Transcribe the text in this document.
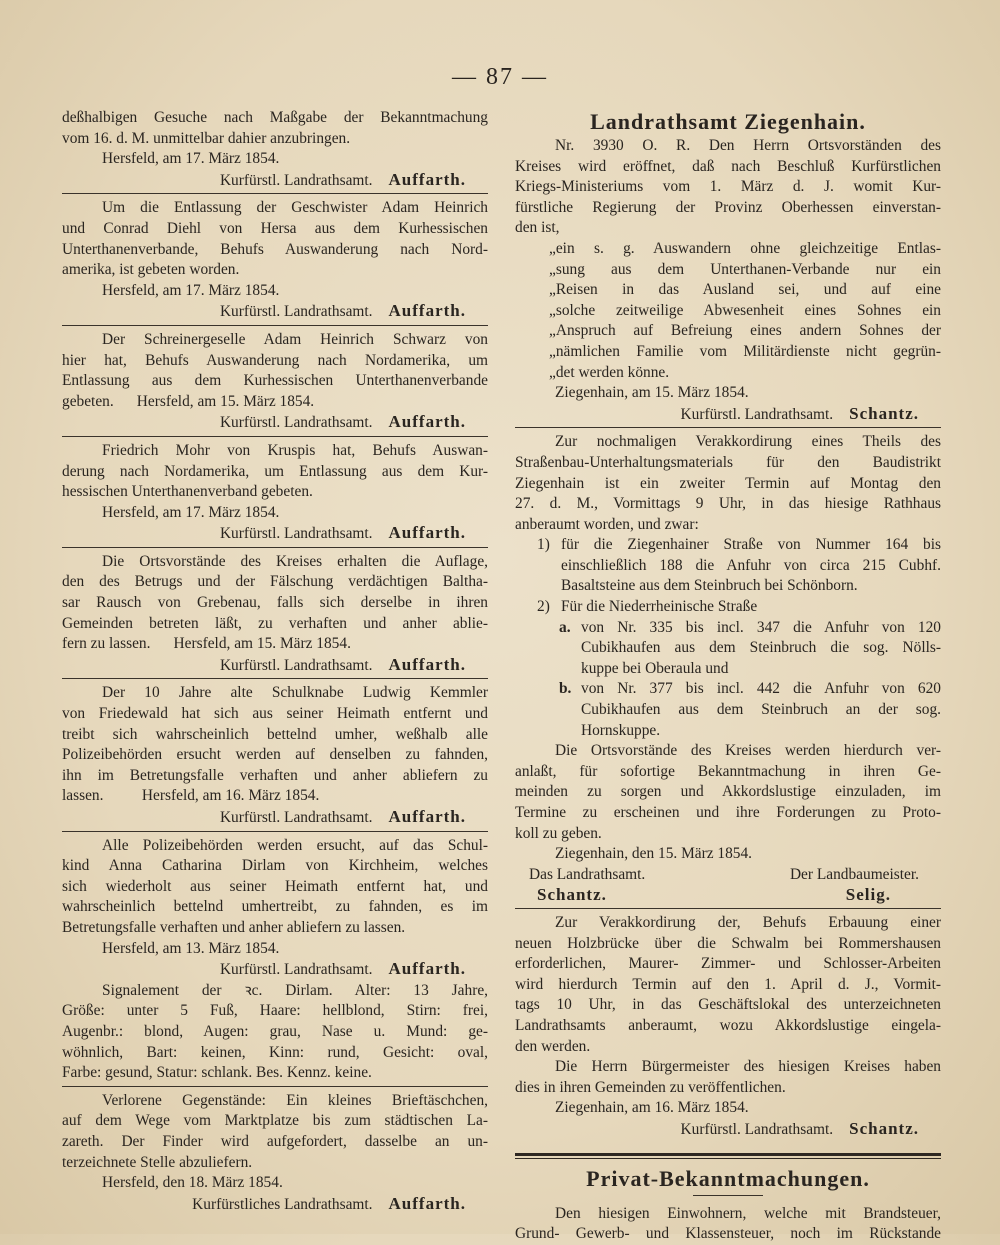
— 87 —
deßhalbigen Gesuche nach Maßgabe der Bekanntmachung
vom 16. d. M. unmittelbar dahier anzubringen.
Hersfeld, am 17. März 1854.
Kurfürstl. Landrathsamt. Auffarth.
Um die Entlassung der Geschwister Adam Heinrich
und Conrad Diehl von Hersa aus dem Kurhessischen
Unterthanenverbande, Behufs Auswanderung nach Nord-
amerika, ist gebeten worden.
Hersfeld, am 17. März 1854.
Kurfürstl. Landrathsamt. Auffarth.
Der Schreinergeselle Adam Heinrich Schwarz von
hier hat, Behufs Auswanderung nach Nordamerika, um
Entlassung aus dem Kurhessischen Unterthanenverbande
gebeten.      Hersfeld, am 15. März 1854.
Kurfürstl. Landrathsamt. Auffarth.
Friedrich Mohr von Kruspis hat, Behufs Auswan-
derung nach Nordamerika, um Entlassung aus dem Kur-
hessischen Unterthanenverband gebeten.
Hersfeld, am 17. März 1854.
Kurfürstl. Landrathsamt. Auffarth.
Die Ortsvorstände des Kreises erhalten die Auflage,
den des Betrugs und der Fälschung verdächtigen Baltha-
sar Rausch von Grebenau, falls sich derselbe in ihren
Gemeinden betreten läßt, zu verhaften und anher ablie-
fern zu lassen.      Hersfeld, am 15. März 1854.
Kurfürstl. Landrathsamt. Auffarth.
Der 10 Jahre alte Schulknabe Ludwig Kemmler
von Friedewald hat sich aus seiner Heimath entfernt und
treibt sich wahrscheinlich bettelnd umher, weßhalb alle
Polizeibehörden ersucht werden auf denselben zu fahnden,
ihn im Betretungsfalle verhaften und anher abliefern zu
lassen.          Hersfeld, am 16. März 1854.
Kurfürstl. Landrathsamt. Auffarth.
Alle Polizeibehörden werden ersucht, auf das Schul-
kind Anna Catharina Dirlam von Kirchheim, welches
sich wiederholt aus seiner Heimath entfernt hat, und
wahrscheinlich bettelnd umhertreibt, zu fahnden, es im
Betretungsfalle verhaften und anher abliefern zu lassen.
Hersfeld, am 13. März 1854.
Kurfürstl. Landrathsamt. Auffarth.
Signalement der ꝛc. Dirlam. Alter: 13 Jahre,
Größe: unter 5 Fuß, Haare: hellblond, Stirn: frei,
Augenbr.: blond, Augen: grau, Nase u. Mund: ge-
wöhnlich, Bart: keinen, Kinn: rund, Gesicht: oval,
Farbe: gesund, Statur: schlank. Bes. Kennz. keine.
Verlorene Gegenstände: Ein kleines Brieftäschchen,
auf dem Wege vom Marktplatze bis zum städtischen La-
zareth. Der Finder wird aufgefordert, dasselbe an un-
terzeichnete Stelle abzuliefern.
Hersfeld, den 18. März 1854.
Kurfürstliches Landrathsamt. Auffarth.
Landrathsamt Ziegenhain.
Nr. 3930 O. R. Den Herrn Ortsvorständen des
Kreises wird eröffnet, daß nach Beschluß Kurfürstlichen
Kriegs-Ministeriums vom 1. März d. J. womit Kur-
fürstliche Regierung der Provinz Oberhessen einverstan-
den ist,
„ein s. g. Auswandern ohne gleichzeitige Entlas-
„sung aus dem Unterthanen-Verbande nur ein
„Reisen in das Ausland sei, und auf eine
„solche zeitweilige Abwesenheit eines Sohnes ein
„Anspruch auf Befreiung eines andern Sohnes der
„nämlichen Familie vom Militärdienste nicht gegrün-
„det werden könne.
Ziegenhain, am 15. März 1854.
Kurfürstl. Landrathsamt. Schantz.
Zur nochmaligen Verakkordirung eines Theils des
Straßenbau-Unterhaltungsmaterials für den Baudistrikt
Ziegenhain ist ein zweiter Termin auf Montag den
27. d. M., Vormittags 9 Uhr, in das hiesige Rathhaus
anberaumt worden, und zwar:
1) für die Ziegenhainer Straße von Nummer 164 bis
einschließlich 188 die Anfuhr von circa 215 Cubhf.
Basaltsteine aus dem Steinbruch bei Schönborn.
2) Für die Niederrheinische Straße
a. von Nr. 335 bis incl. 347 die Anfuhr von 120
Cubikhaufen aus dem Steinbruch die sog. Nölls-
kuppe bei Oberaula und
b. von Nr. 377 bis incl. 442 die Anfuhr von 620
Cubikhaufen aus dem Steinbruch an der sog.
Hornskuppe.
Die Ortsvorstände des Kreises werden hierdurch ver-
anlaßt, für sofortige Bekanntmachung in ihren Ge-
meinden zu sorgen und Akkordslustige einzuladen, im
Termine zu erscheinen und ihre Forderungen zu Proto-
koll zu geben.
Ziegenhain, den 15. März 1854.
Das Landrathsamt.	Der Landbaumeister.
Schantz.	Selig.
Zur Verakkordirung der, Behufs Erbauung einer
neuen Holzbrücke über die Schwalm bei Rommershausen
erforderlichen, Maurer- Zimmer- und Schlosser-Arbeiten
wird hierdurch Termin auf den 1. April d. J., Vormit-
tags 10 Uhr, in das Geschäftslokal des unterzeichneten
Landrathsamts anberaumt, wozu Akkordslustige eingela-
den werden.
Die Herrn Bürgermeister des hiesigen Kreises haben
dies in ihren Gemeinden zu veröffentlichen.
Ziegenhain, am 16. März 1854.
Kurfürstl. Landrathsamt. Schantz.
Privat-Bekanntmachungen.
Den hiesigen Einwohnern, welche mit Brandsteuer,
Grund- Gewerb- und Klassensteuer, noch im Rückstande
